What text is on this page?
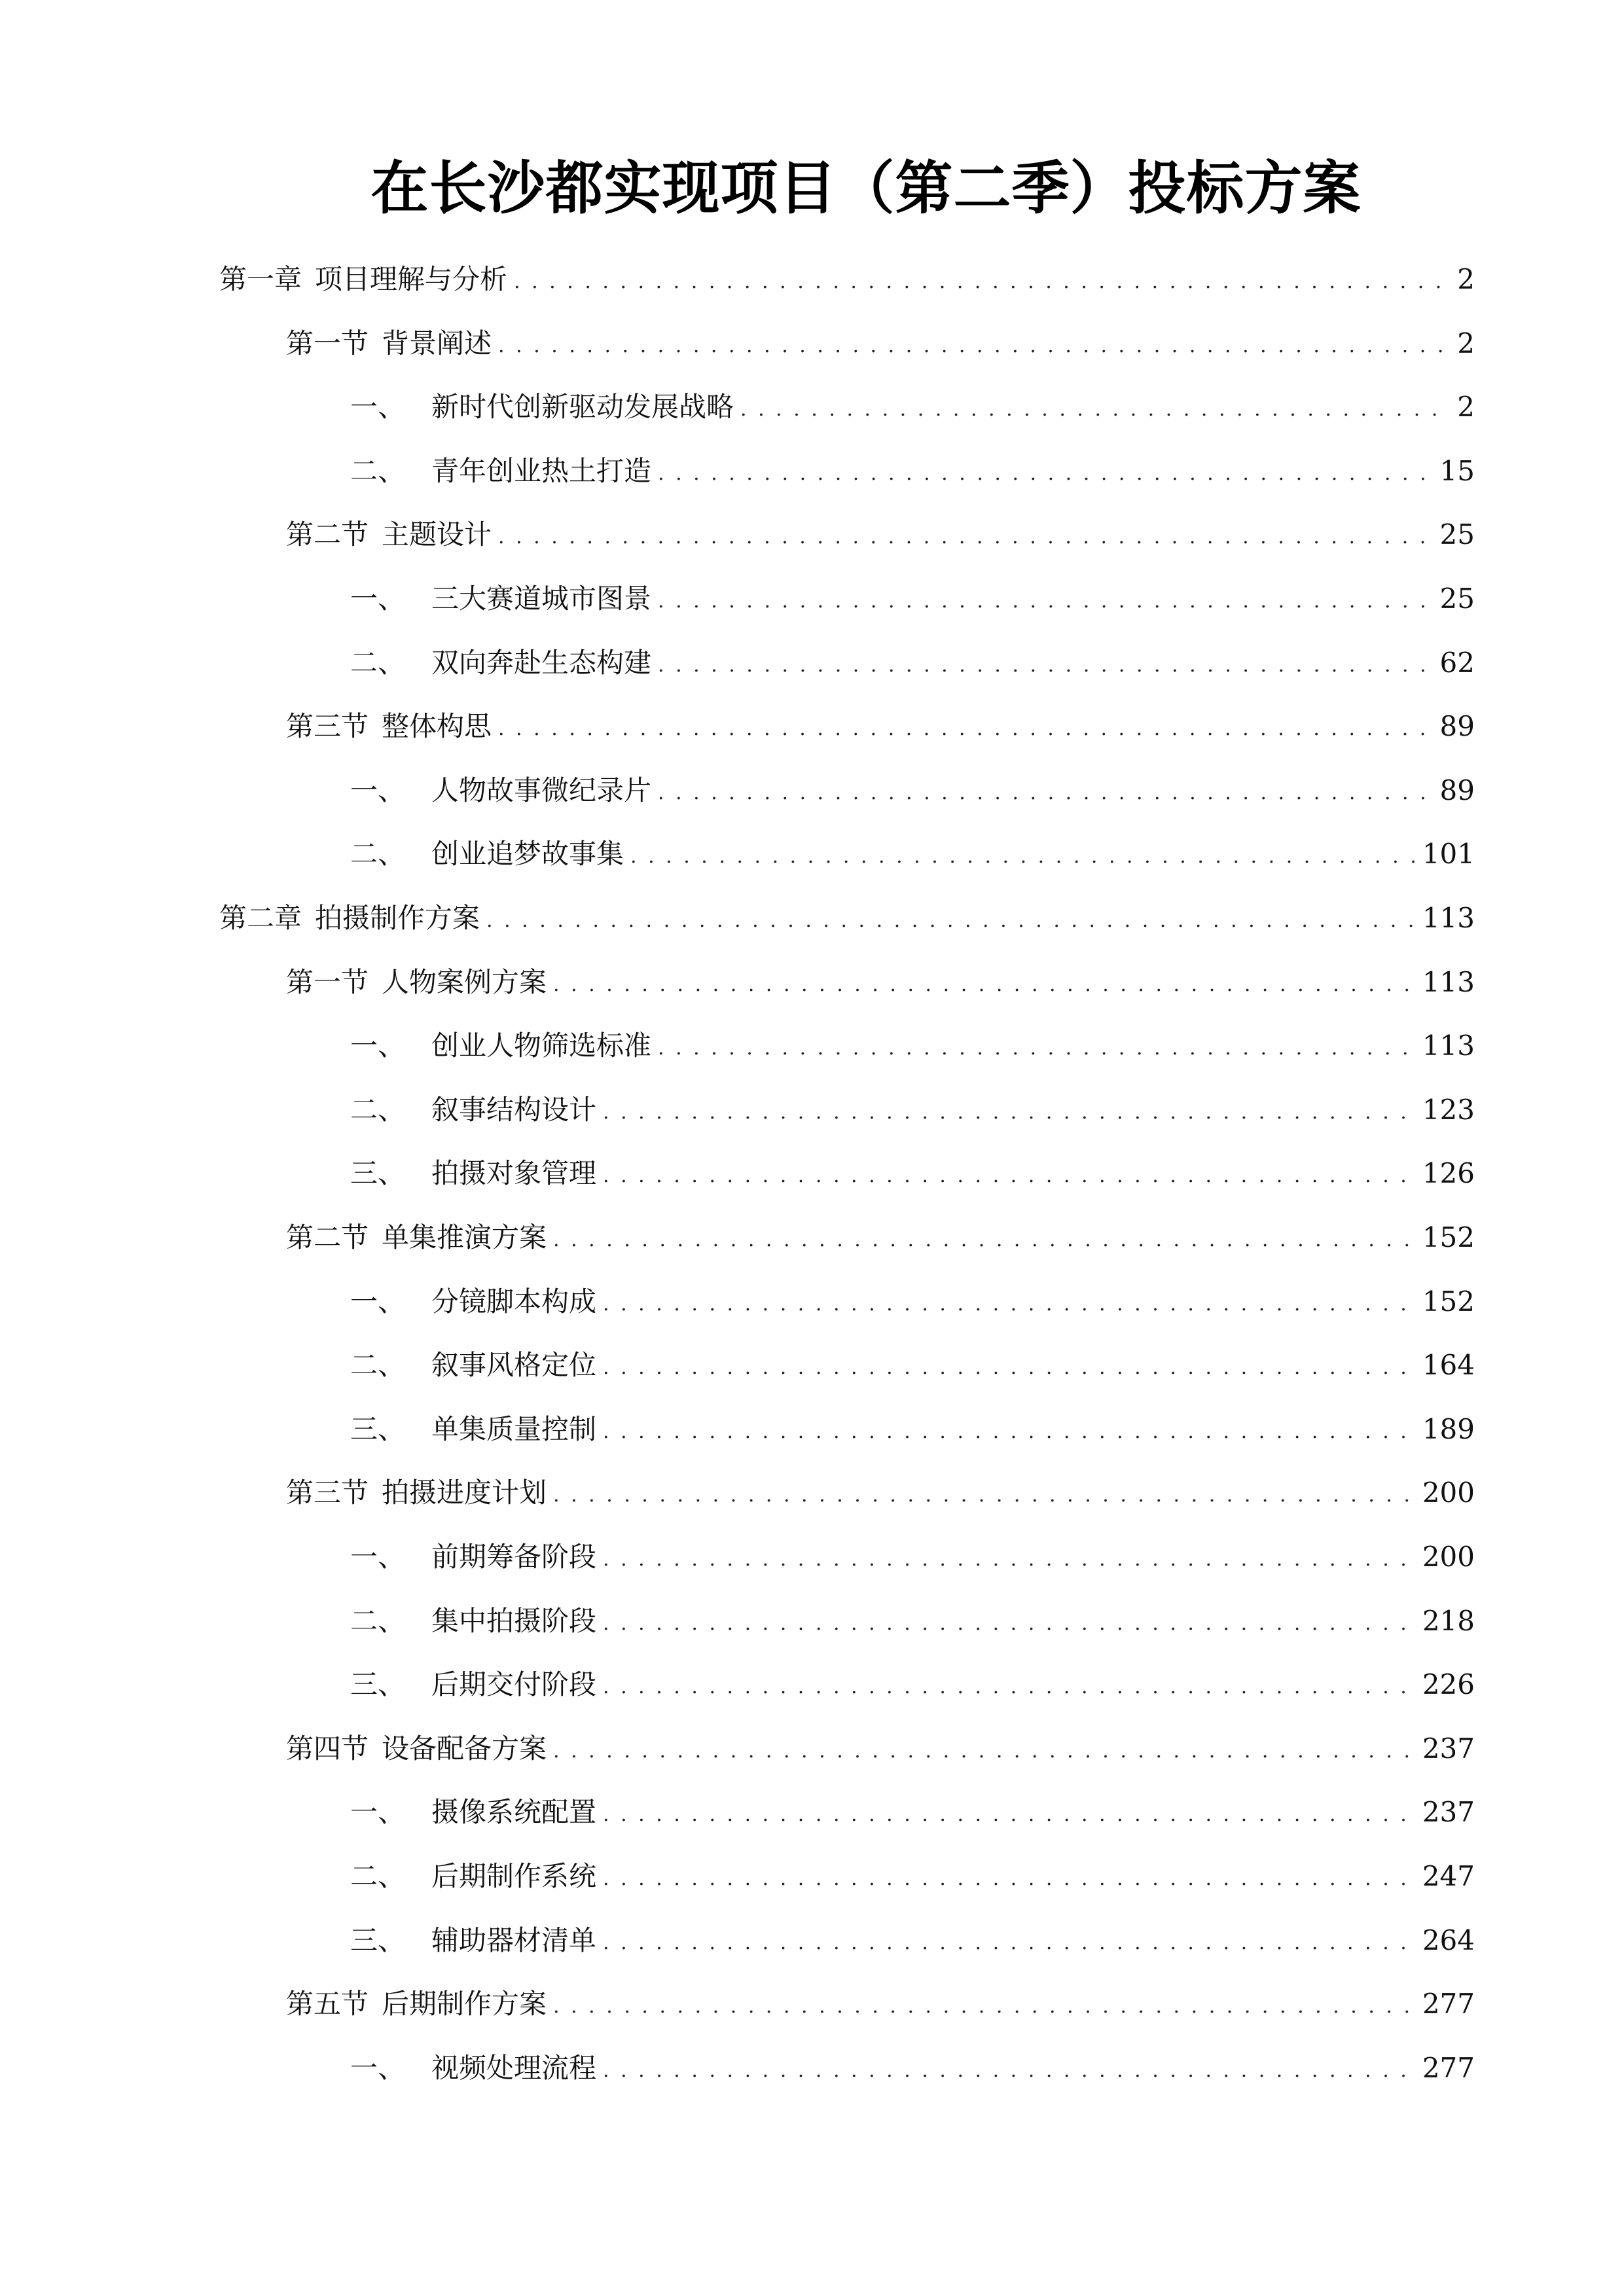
在长沙都实现项目（第二季）投标方案
第一章 项目理解与分析 . . .	2
第一节 背景阐述 . . .	2
一、 新时代创新驱动发展战略 . . .	2
二、 青年创业热土打造 . . .	15
第二节 主题设计 . . .	25
一、 三大赛道城市图景 . . .	25
二、 双向奔赴生态构建 . . .	62
第三节 整体构思 . . .	89
一、 人物故事微纪录片 . . .	89
二、 创业追梦故事集 . . .	101
第二章 拍摄制作方案 . . .	113
第一节 人物案例方案 . . .	113
一、 创业人物筛选标准 . . .	113
二、 叙事结构设计 . . .	123
三、 拍摄对象管理 . . .	126
第二节 单集推演方案 . . .	152
一、 分镜脚本构成 . . .	152
二、 叙事风格定位 . . .	164
三、 单集质量控制 . . .	189
第三节 拍摄进度计划 . . .	200
一、 前期筹备阶段 . . .	200
二、 集中拍摄阶段 . . .	218
三、 后期交付阶段 . . .	226
第四节 设备配备方案 . . .	237
一、 摄像系统配置 . . .	237
二、 后期制作系统 . . .	247
三、 辅助器材清单 . . .	264
第五节 后期制作方案 . . .	277
一、 视频处理流程 . . .	277
